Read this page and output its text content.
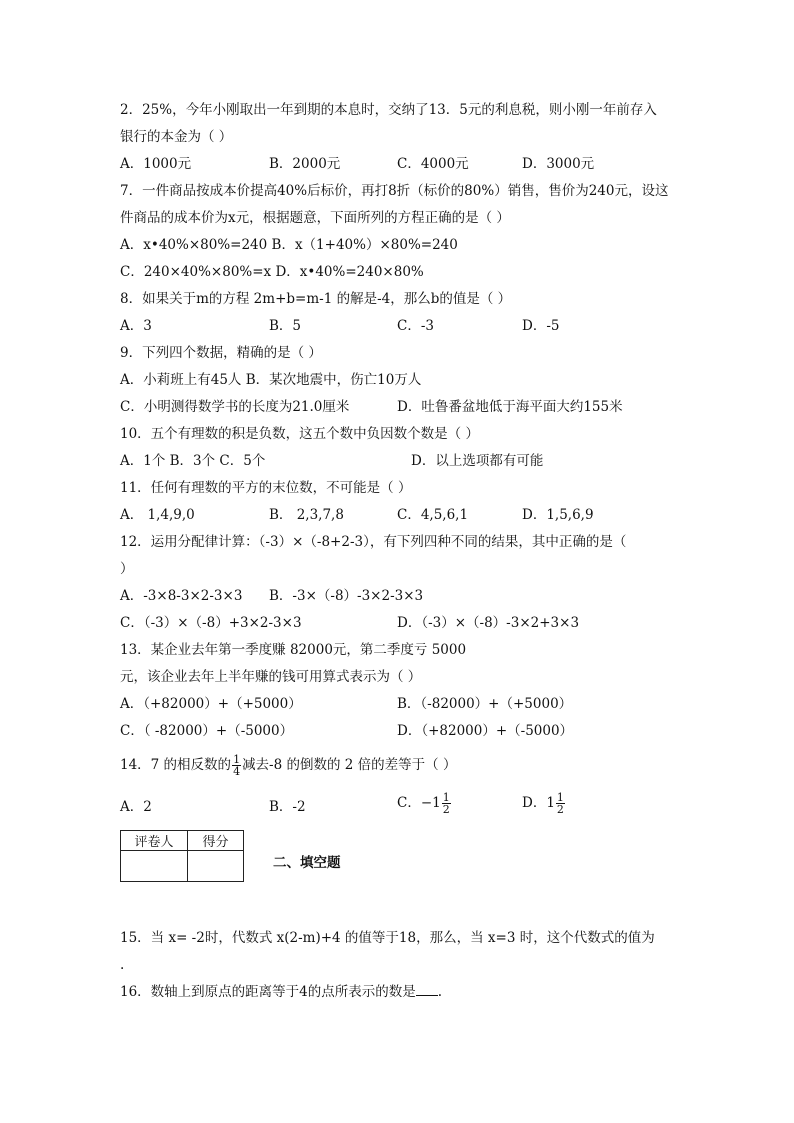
2．25%，今年小刚取出一年到期的本息时，交纳了13．5元的利息税，则小刚一年前存入
银行的本金为（ ）
A．1000元	B．2000元	C．4000元	D．3000元
7．一件商品按成本价提高40%后标价，再打8折（标价的80%）销售，售价为240元，设这
件商品的成本价为x元，根据题意，下面所列的方程正确的是（ ）
A．x•40%×80%=240 B．x（1+40%）×80%=240
C．240×40%×80%=x D．x•40%=240×80%
8．如果关于m的方程 2m+b=m-1 的解是-4，那么b的值是（ ）
A．3	B．5	C．-3	D．-5
9．下列四个数据，精确的是（ ）
A．小莉班上有45人 B．某次地震中，伤亡10万人
C．小明测得数学书的长度为21.0厘米	D．吐鲁番盆地低于海平面大约155米
10．五个有理数的积是负数，这五个数中负因数个数是（ ）
A．1个 B．3个 C．5个	D．以上选项都有可能
11．任何有理数的平方的末位数，不可能是（ ）
A． 1,4,9,0	B． 2,3,7,8	C．4,5,6,1	D．1,5,6,9
12．运用分配律计算：（-3）×（-8+2-3），有下列四种不同的结果，其中正确的是（
）
A．-3×8-3×2-3×3 B．-3×（-8）-3×2-3×3
C．（-3）×（-8）+3×2-3×3	D．（-3）×（-8）-3×2+3×3
13．某企业去年第一季度赚 82000元，第二季度亏 5000
元，该企业去年上半年赚的钱可用算式表示为（ ）
A．（+82000）+（+5000）	B．（-82000）+（+5000）
C．（ -82000）+（-5000）	D．（+82000）+（-5000）
14．7 的相反数的 $\frac{1}{4}$ 减去-8 的倒数的 2 倍的差等于（ ）
A．2	B．-2	C．$-1 \frac{1}{2}$	D．$1 \frac{1}{2}$
评卷人	得分

二、填空题
15．当 x= -2时，代数式 x(2-m)+4 的值等于18，那么，当 x=3 时，这个代数式的值为
.
16．数轴上到原点的距离等于4的点所表示的数是 .
